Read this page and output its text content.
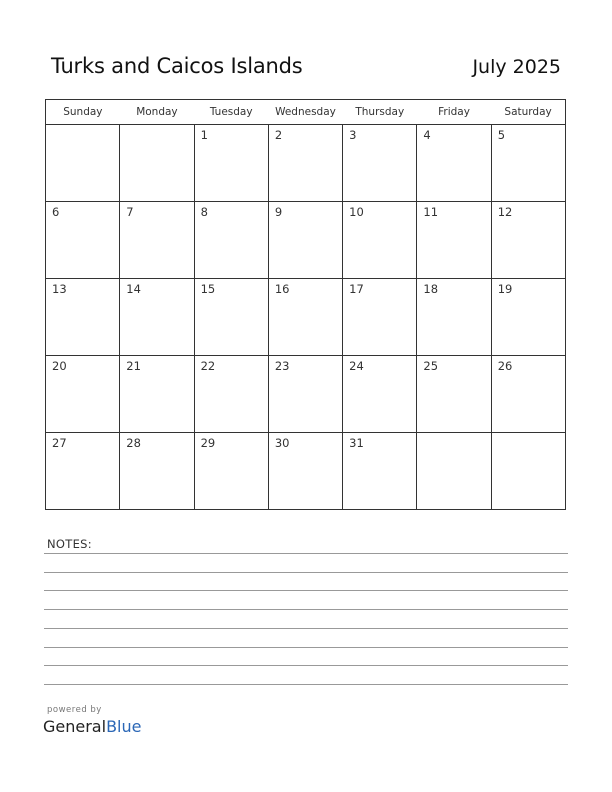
Turks and Caicos Islands	July 2025
Sunday	Monday	Tuesday	Wednesday	Thursday	Friday	Saturday

		1	2	3	4	5

6	7	8	9	10	11	12

13	14	15	16	17	18	19

20	21	22	23	24	25	26

27	28	29	30	31		

NOTES:
powered by
GeneralBlue
